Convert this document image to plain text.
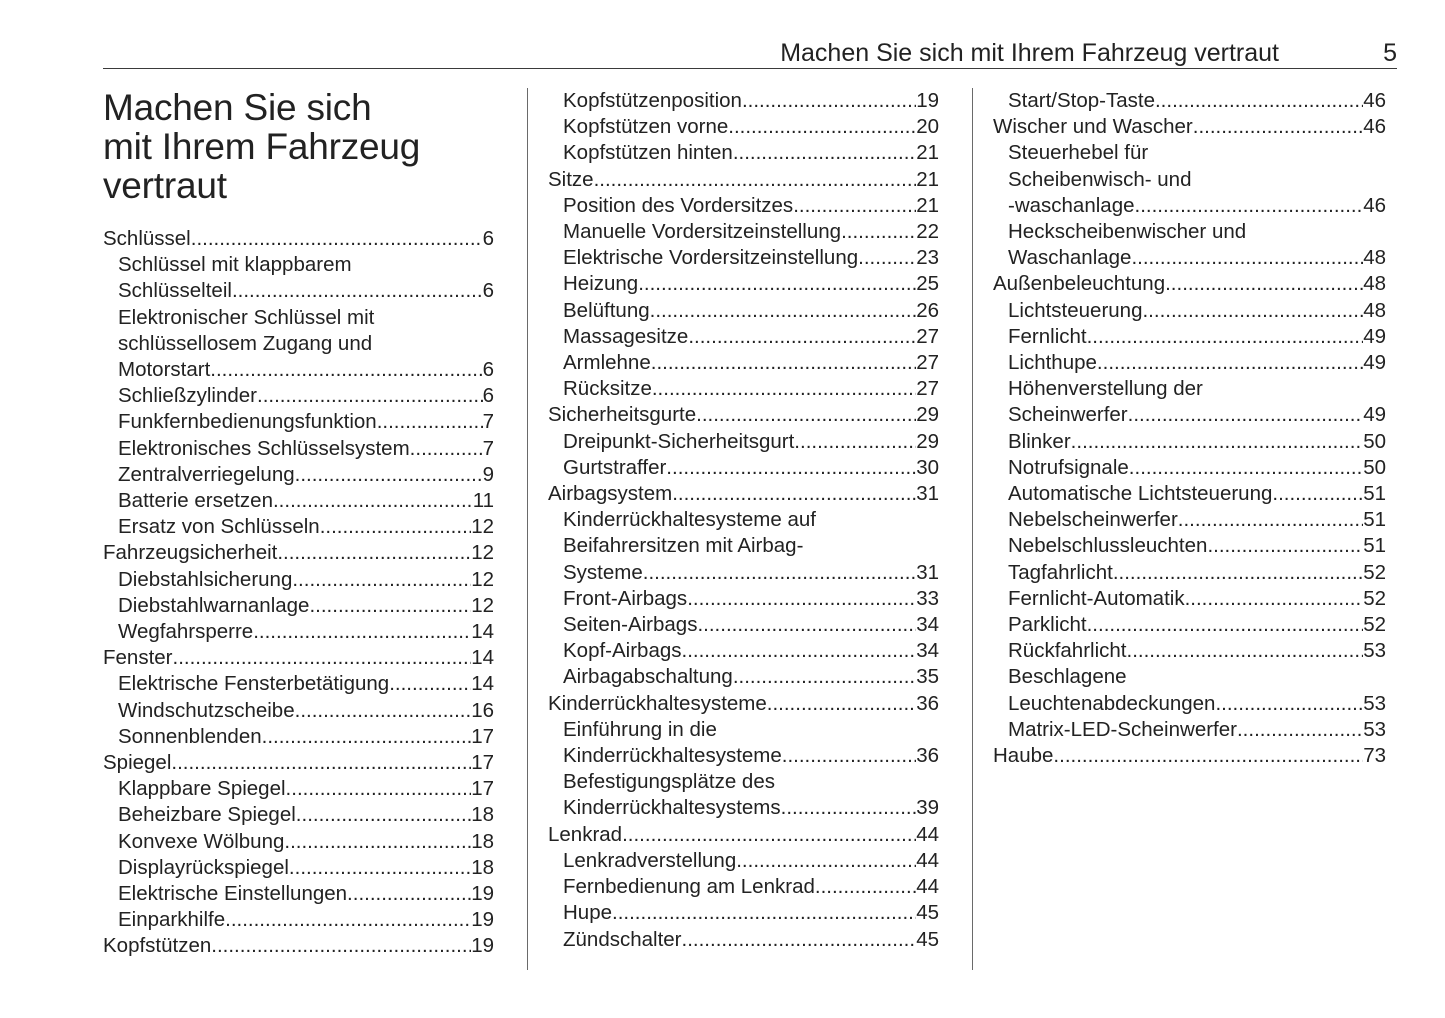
Machen Sie sich mit Ihrem Fahrzeug vertraut	5
Machen Sie sich
mit Ihrem Fahrzeug
vertraut
Schlüssel .....	6
Schlüssel mit klappbarem
Schlüsselteil .....	6
Elektronischer Schlüssel mit
schlüssellosem Zugang und
Motorstart .....	6
Schließzylinder .....	6
Funkfernbedienungsfunktion .....	7
Elektronisches Schlüsselsystem .....	7
Zentralverriegelung .....	9
Batterie ersetzen .....	11
Ersatz von Schlüsseln .....	12
Fahrzeugsicherheit .....	12
Diebstahlsicherung .....	12
Diebstahlwarnanlage .....	12
Wegfahrsperre .....	14
Fenster .....	14
Elektrische Fensterbetätigung .....	14
Windschutzscheibe .....	16
Sonnenblenden .....	17
Spiegel .....	17
Klappbare Spiegel .....	17
Beheizbare Spiegel .....	18
Konvexe Wölbung .....	18
Displayrückspiegel .....	18
Elektrische Einstellungen .....	19
Einparkhilfe .....	19
Kopfstützen .....	19
Kopfstützenposition .....	19
Kopfstützen vorne .....	20
Kopfstützen hinten .....	21
Sitze .....	21
Position des Vordersitzes .....	21
Manuelle Vordersitzeinstellung .....	22
Elektrische Vordersitzeinstellung .....	23
Heizung .....	25
Belüftung .....	26
Massagesitze .....	27
Armlehne .....	27
Rücksitze .....	27
Sicherheitsgurte .....	29
Dreipunkt-Sicherheitsgurt .....	29
Gurtstraffer .....	30
Airbagsystem .....	31
Kinderrückhaltesysteme auf
Beifahrersitzen mit Airbag-
Systeme .....	31
Front-Airbags .....	33
Seiten-Airbags .....	34
Kopf-Airbags .....	34
Airbagabschaltung .....	35
Kinderrückhaltesysteme .....	36
Einführung in die
Kinderrückhaltesysteme .....	36
Befestigungsplätze des
Kinderrückhaltesystems .....	39
Lenkrad .....	44
Lenkradverstellung .....	44
Fernbedienung am Lenkrad .....	44
Hupe .....	45
Zündschalter .....	45
Start/Stop-Taste .....	46
Wischer und Wascher .....	46
Steuerhebel für
Scheibenwisch- und
-waschanlage .....	46
Heckscheibenwischer und
Waschanlage .....	48
Außenbeleuchtung .....	48
Lichtsteuerung .....	48
Fernlicht .....	49
Lichthupe .....	49
Höhenverstellung der
Scheinwerfer .....	49
Blinker .....	50
Notrufsignale .....	50
Automatische Lichtsteuerung .....	51
Nebelscheinwerfer .....	51
Nebelschlussleuchten .....	51
Tagfahrlicht .....	52
Fernlicht-Automatik .....	52
Parklicht .....	52
Rückfahrlicht .....	53
Beschlagene
Leuchtenabdeckungen .....	53
Matrix-LED-Scheinwerfer .....	53
Haube .....	73
